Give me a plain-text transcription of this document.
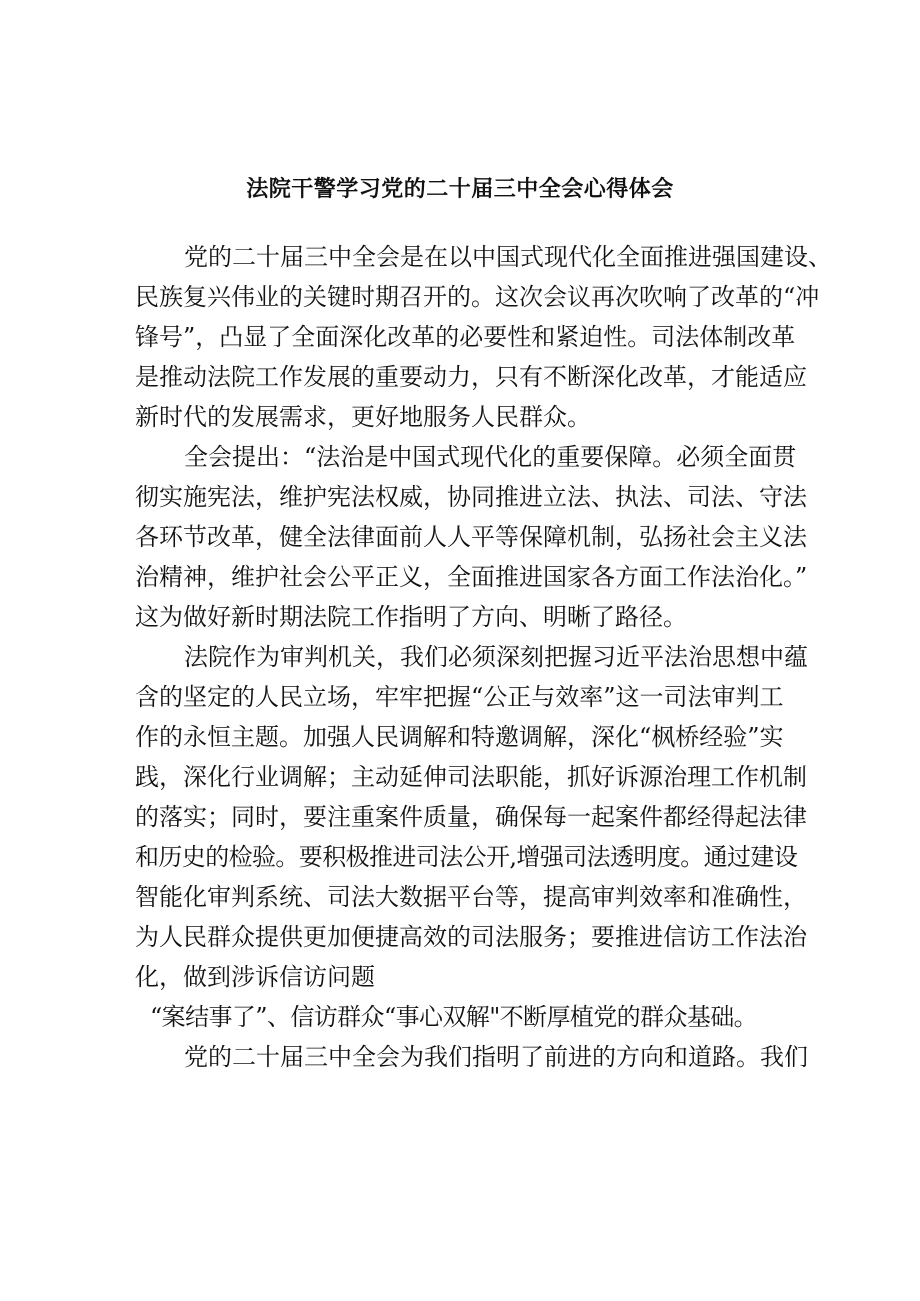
法院干警学习党的二十届三中全会心得体会

党的二十届三中全会是在以中国式现代化全面推进强国建设、

民族复兴伟业的关键时期召开的。这次会议再次吹响了改革的“冲

锋号”，凸显了全面深化改革的必要性和紧迫性。司法体制改革

是推动法院工作发展的重要动力，只有不断深化改革，才能适应

新时代的发展需求，更好地服务人民群众。

全会提出：“法治是中国式现代化的重要保障。必须全面贯

彻实施宪法，维护宪法权威，协同推进立法、执法、司法、守法

各环节改革，健全法律面前人人平等保障机制，弘扬社会主义法

治精神，维护社会公平正义，全面推进国家各方面工作法治化。”

这为做好新时期法院工作指明了方向、明晰了路径。

法院作为审判机关，我们必须深刻把握习近平法治思想中蕴

含的坚定的人民立场，牢牢把握“公正与效率”这一司法审判工

作的永恒主题。加强人民调解和特邀调解，深化“枫桥经验”实

践，深化行业调解；主动延伸司法职能，抓好诉源治理工作机制

的落实；同时，要注重案件质量，确保每一起案件都经得起法律

和历史的检验。要积极推进司法公开,增强司法透明度。通过建设

智能化审判系统、司法大数据平台等，提高审判效率和准确性，

为人民群众提供更加便捷高效的司法服务；要推进信访工作法治

化，做到涉诉信访问题

“案结事了”、信访群众“事心双解"不断厚植党的群众基础。

党的二十届三中全会为我们指明了前进的方向和道路。我们
